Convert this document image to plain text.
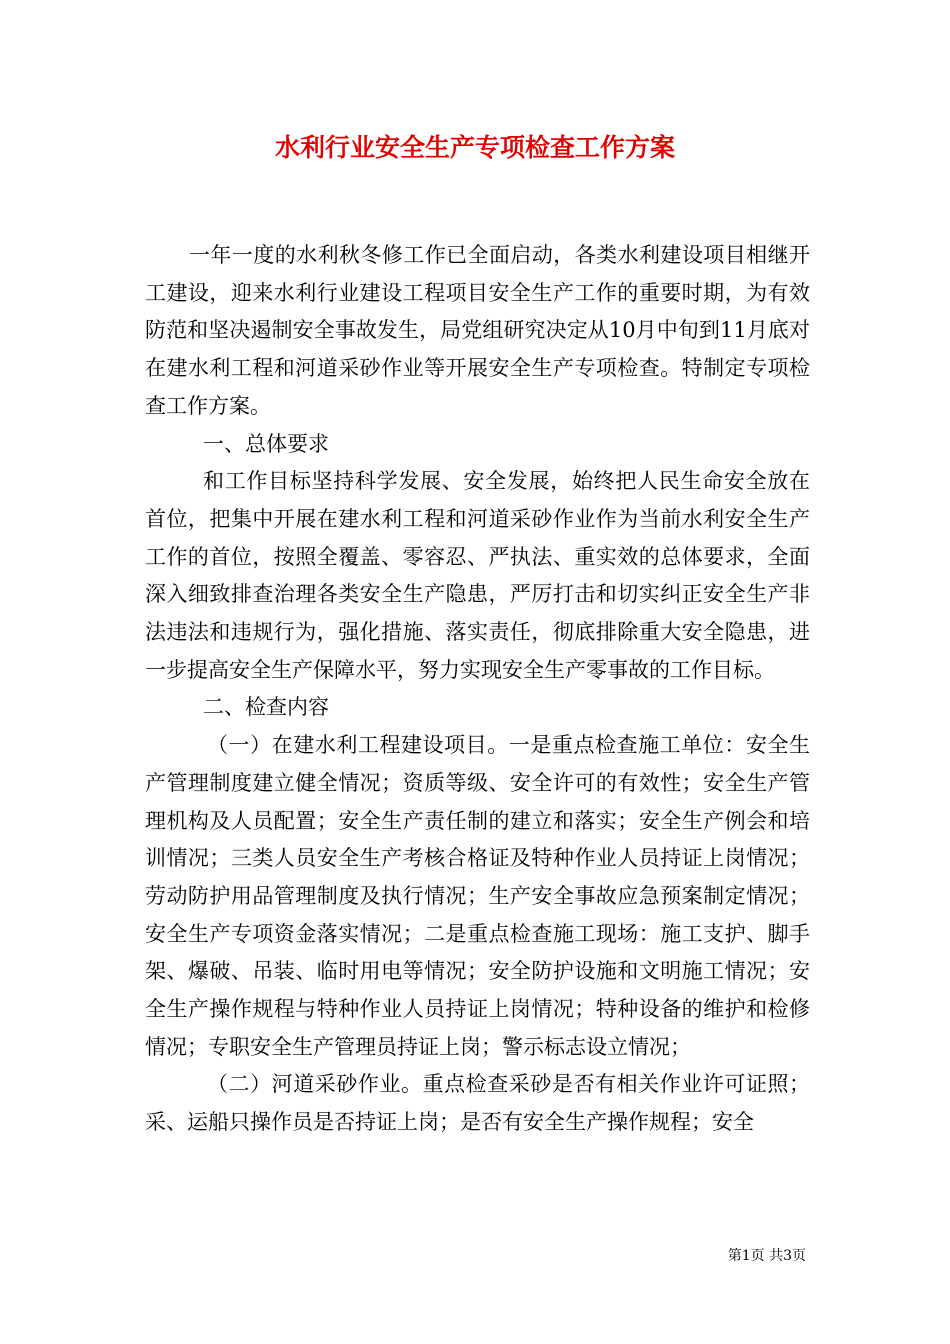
水利行业安全生产专项检查工作方案

一年一度的水利秋冬修工作已全面启动，各类水利建设项目相继开工建设，迎来水利行业建设工程项目安全生产工作的重要时期，为有效防范和坚决遏制安全事故发生，局党组研究决定从10月中旬到11月底对在建水利工程和河道采砂作业等开展安全生产专项检查。特制定专项检查工作方案。

一、总体要求

和工作目标坚持科学发展、安全发展，始终把人民生命安全放在首位，把集中开展在建水利工程和河道采砂作业作为当前水利安全生产工作的首位，按照全覆盖、零容忍、严执法、重实效的总体要求，全面深入细致排查治理各类安全生产隐患，严厉打击和切实纠正安全生产非法违法和违规行为，强化措施、落实责任，彻底排除重大安全隐患，进一步提高安全生产保障水平，努力实现安全生产零事故的工作目标。

二、检查内容

（一）在建水利工程建设项目。一是重点检查施工单位：安全生产管理制度建立健全情况；资质等级、安全许可的有效性；安全生产管理机构及人员配置；安全生产责任制的建立和落实；安全生产例会和培训情况；三类人员安全生产考核合格证及特种作业人员持证上岗情况；劳动防护用品管理制度及执行情况；生产安全事故应急预案制定情况；安全生产专项资金落实情况；二是重点检查施工现场：施工支护、脚手架、爆破、吊装、临时用电等情况；安全防护设施和文明施工情况；安全生产操作规程与特种作业人员持证上岗情况；特种设备的维护和检修情况；专职安全生产管理员持证上岗；警示标志设立情况；

（二）河道采砂作业。重点检查采砂是否有相关作业许可证照；采、运船只操作员是否持证上岗；是否有安全生产操作规程；安全

第1页 共3页
